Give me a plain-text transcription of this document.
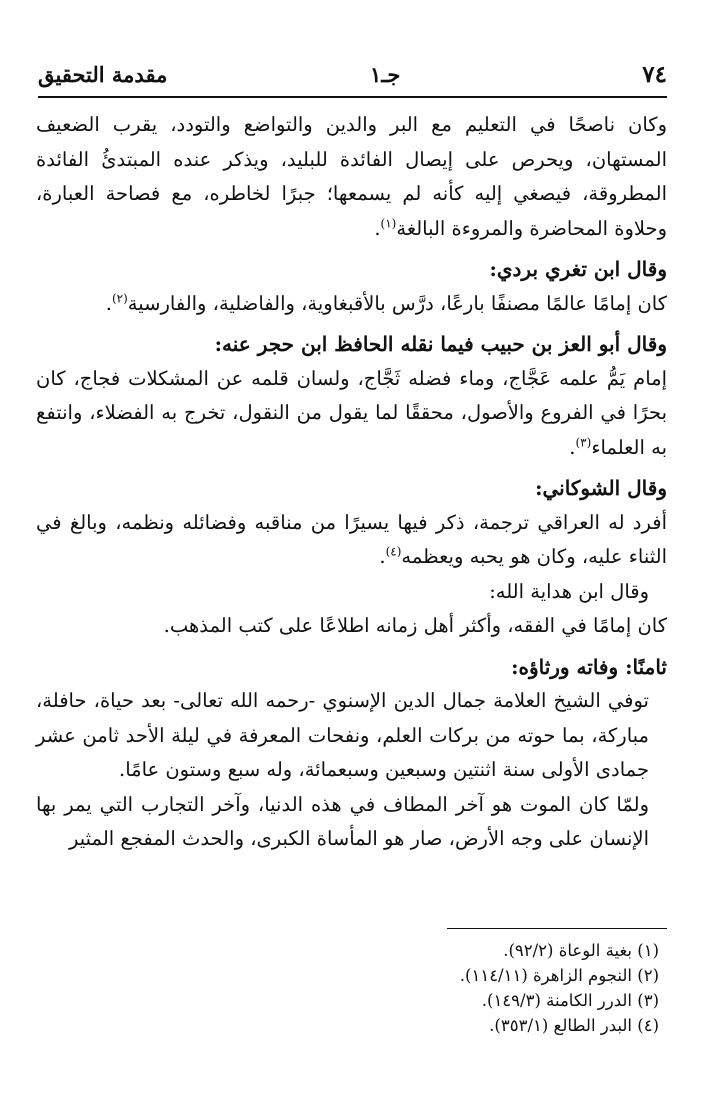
مقدمة التحقيق	جـ١	٧٤

وكان ناصحًا في التعليم مع البر والدين والتواضع والتودد، يقرب الضعيف المستهان، ويحرص على إيصال الفائدة للبليد، ويذكر عنده المبتدئُ الفائدة المطروقة، فيصغي إليه كأنه لم يسمعها؛ جبرًا لخاطره، مع فصاحة العبارة، وحلاوة المحاضرة والمروءة البالغة$^{(١)}$.

وقال ابن تغري بردي:

كان إمامًا عالمًا مصنفًا بارعًا، درَّس بالأقبغاوية، والفاضلية، والفارسية$^{(٢)}$.

وقال أبو العز بن حبيب فيما نقله الحافظ ابن حجر عنه:

إمام يَمُّ علمه عَجَّاج، وماء فضله ثَجَّاج، ولسان قلمه عن المشكلات فجاج، كان بحرًا في الفروع والأصول، محققًا لما يقول من النقول، تخرج به الفضلاء، وانتفع به العلماء$^{(٣)}$.

وقال الشوكاني:

أفرد له العراقي ترجمة، ذكر فيها يسيرًا من مناقبه وفضائله ونظمه، وبالغ في الثناء عليه، وكان هو يحبه ويعظمه$^{(٤)}$.

وقال ابن هداية الله:

كان إمامًا في الفقه، وأكثر أهل زمانه اطلاعًا على كتب المذهب.

ثامنًا: وفاته ورثاؤه:

توفي الشيخ العلامة جمال الدين الإسنوي -رحمه الله تعالى- بعد حياة، حافلة، مباركة، بما حوته من بركات العلم، ونفحات المعرفة في ليلة الأحد ثامن عشر جمادى الأولى سنة اثنتين وسبعين وسبعمائة، وله سبع وستون عامًا.

ولمّا كان الموت هو آخر المطاف في هذه الدنيا، وآخر التجارب التي يمر بها الإنسان على وجه الأرض، صار هو المأساة الكبرى، والحدث المفجع المثير

(١) بغية الوعاة (٩٢/٢).
(٢) النجوم الزاهرة (١١٤/١١).
(٣) الدرر الكامنة (١٤٩/٣).
(٤) البدر الطالع (٣٥٣/١).
